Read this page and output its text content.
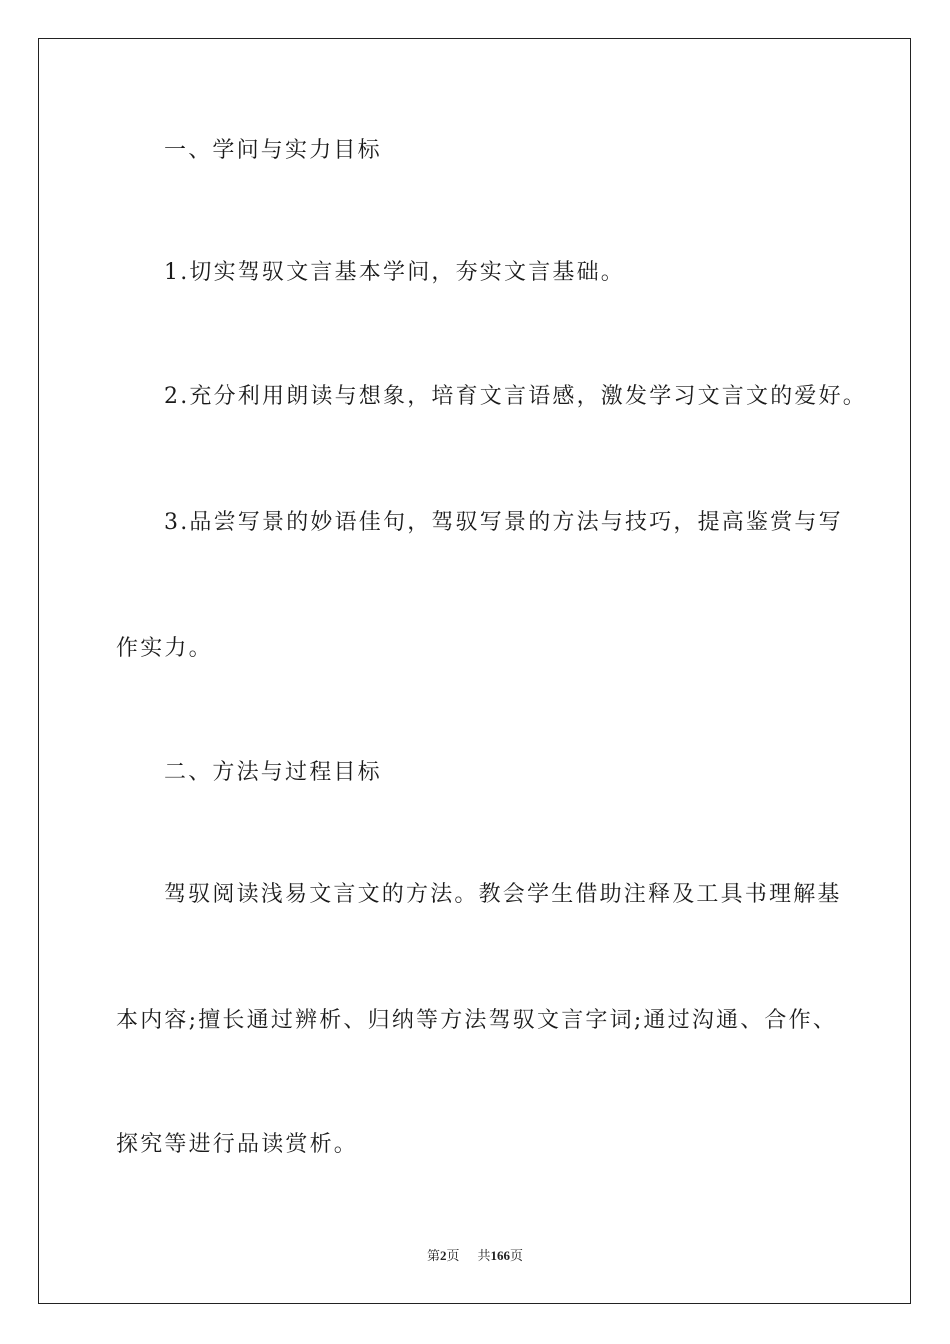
一、学问与实力目标
1.切实驾驭文言基本学问，夯实文言基础。
2.充分利用朗读与想象，培育文言语感，激发学习文言文的爱好。
3.品尝写景的妙语佳句，驾驭写景的方法与技巧，提高鉴赏与写
作实力。
二、方法与过程目标
驾驭阅读浅易文言文的方法。教会学生借助注释及工具书理解基
本内容;擅长通过辨析、归纳等方法驾驭文言字词;通过沟通、合作、
探究等进行品读赏析。
第2页 共166页
